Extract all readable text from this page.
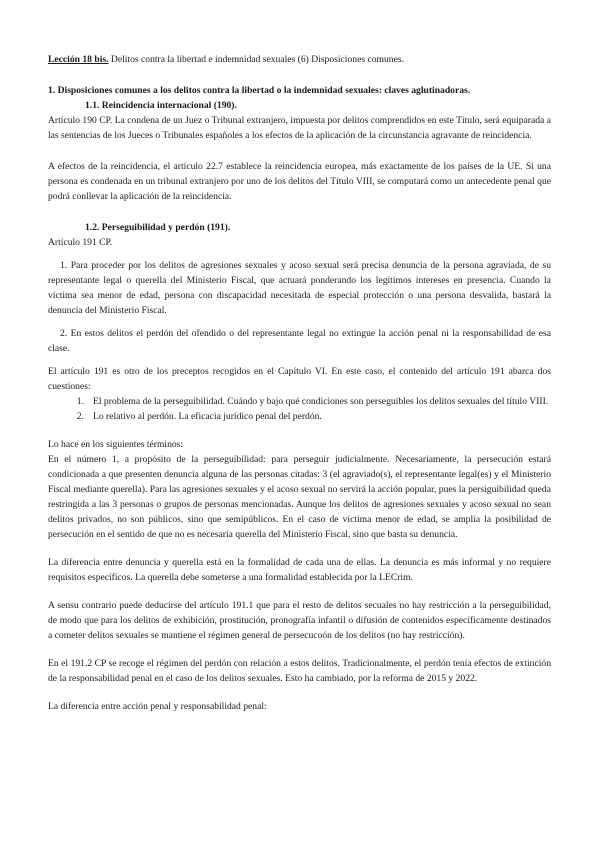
Lección 18 bis. Delitos contra la libertad e indemnidad sexuales (6) Disposiciones comunes.

1. Disposiciones comunes a los delitos contra la libertad o la indemnidad sexuales: claves aglutinadoras.

1.1. Reincidencia internacional (190).

Artículo 190 CP. La condena de un Juez o Tribunal extranjero, impuesta por delitos comprendidos en este Título, será equiparada a las sentencias de los Jueces o Tribunales españoles a los efectos de la aplicación de la circunstancia agravante de reincidencia.

A efectos de la reincidencia, el artículo 22.7 establece la reincidencia europea, más exactamente de los países de la UE. Si una persona es condenada en un tribunal extranjero por uno de los delitos del Título VIII, se computará como un antecedente penal que podrá conllevar la aplicación de la reincidencia.

1.2. Perseguibilidad y perdón (191).

Artículo 191 CP.

1. Para proceder por los delitos de agresiones sexuales y acoso sexual será precisa denuncia de la persona agraviada, de su representante legal o querella del Ministerio Fiscal, que actuará ponderando los legítimos intereses en presencia. Cuando la víctima sea menor de edad, persona con discapacidad necesitada de especial protección o una persona desvalida, bastará la denuncia del Ministerio Fiscal.

2. En estos delitos el perdón del ofendido o del representante legal no extingue la acción penal ni la responsabilidad de esa clase.

El artículo 191 es otro de los preceptos recogidos en el Capítulo VI. En este caso, el contenido del artículo 191 abarca dos cuestiones:

1. El problema de la perseguibilidad. Cuándo y bajo qué condiciones son perseguibles los delitos sexuales del título VIII.
2. Lo relativo al perdón. La eficacia jurídico penal del perdón.

Lo hace en los siguientes términos:

En el número 1, a propósito de la perseguibilidad: para perseguir judicialmente. Necesariamente, la persecución estará condicionada a que presenten denuncia alguna de las personas citadas: 3 (el agraviado(s), el representante legal(es) y el Ministerio Fiscal mediante querella). Para las agresiones sexuales y el acoso sexual no servirá la acción popular, pues la persiguibilidad queda restringida a las 3 personas o grupos de personas mencionadas. Aunque los delitos de agresiones sexuales y acoso sexual no sean delitos privados, no son públicos, sino que semipúblicos. En el caso de víctima menor de edad, se amplía la posibilidad de persecución en el sentido de que no es necesaria querella del Ministerio Fiscal, sino que basta su denuncia.

La diferencia entre denuncia y querella está en la formalidad de cada una de ellas. La denuncia es más informal y no requiere requisitos específicos. La querella debe someterse a una formalidad establecida por la LECrim.

A sensu contrario puede deducirse del artículo 191.1 que para el resto de delitos secuales no hay restricción a la perseguibilidad, de modo que para los delitos de exhibición, prostitución, pronografía infantil o difusión de contenidos específicamente destinados a cometer delitos sexuales se mantiene el régimen general de persecucoón de los delitos (no hay restricción).

En el 191.2 CP se recoge el régimen del perdón con relación a estos delitos. Tradicionalmente, el perdón tenía efectos de extinción de la responsabilidad penal en el caso de los delitos sexuales. Esto ha cambiado, por la reforma de 2015 y 2022.

La diferencia entre acción penal y responsabilidad penal:
